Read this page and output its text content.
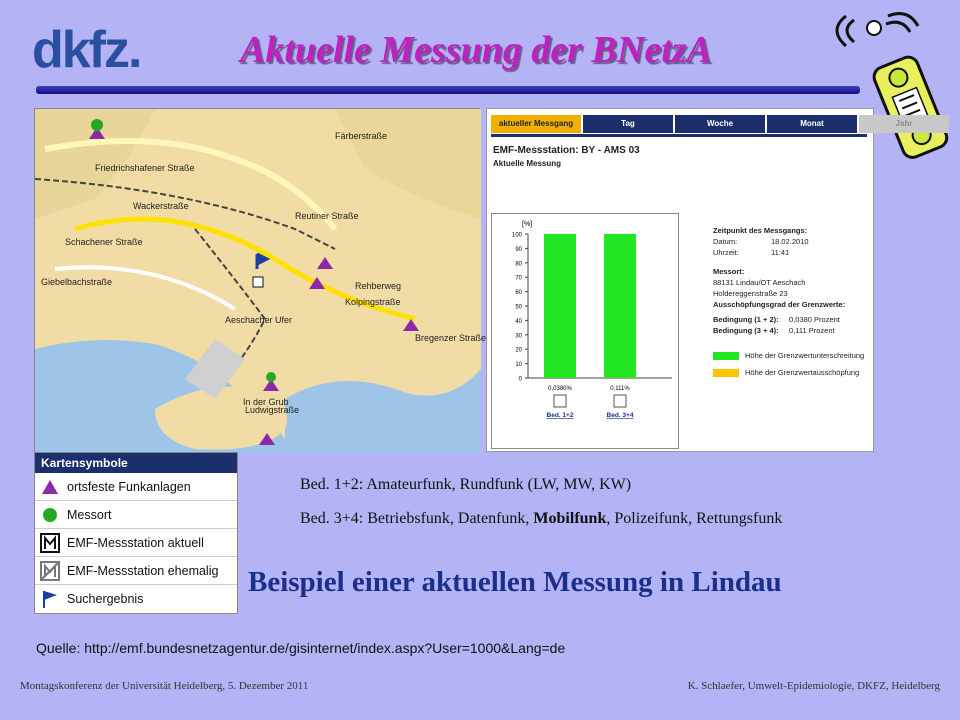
dkfz.	Aktuelle Messung der BNetzA
Wackerstraße
Kolpingstraße
Aeschacher Ufer
Ludwigstraße
In der Grub
Rehberweg
Schachener Straße
Giebelbachstraße
Bregenzer Straße
Färberstraße
Friedrichshafener Straße
Reutiner Straße
aktueller Messgang	Tag	Woche	Monat	Jahr
EMF-Messstation: BY - AMS 03
Aktuelle Messung
[%]
0
10
20
30
40
50
60
70
80
90
100
0,0380%
Bed. 1+2
0,111%
Bed. 3+4
Zeitpunkt des Messgangs:
Datum:	18.02.2010
Uhrzeit:	11:41
Messort:
88131 Lindau/OT Aeschach
Holdereggenstraße 23
Ausschöpfungsgrad der Grenzwerte:
Bedingung (1 + 2):	0,0380 Prozent
Bedingung (3 + 4):	0,111 Prozent
Höhe der Grenzwertunterschreitung
Höhe der Grenzwertausschöpfung
Kartensymbole
ortsfeste Funkanlagen
Messort
EMF-Messstation aktuell
EMF-Messstation ehemalig
Suchergebnis
Bed. 1+2: Amateurfunk, Rundfunk (LW, MW, KW)
Bed. 3+4: Betriebsfunk, Datenfunk, Mobilfunk, Polizeifunk, Rettungsfunk
Beispiel einer aktuellen Messung in Lindau
Quelle: http://emf.bundesnetzagentur.de/gisinternet/index.aspx?User=1000&Lang=de
Montagskonferenz der Universität Heidelberg, 5. Dezember 2011	K. Schlaefer, Umwelt-Epidemiologie, DKFZ, Heidelberg
